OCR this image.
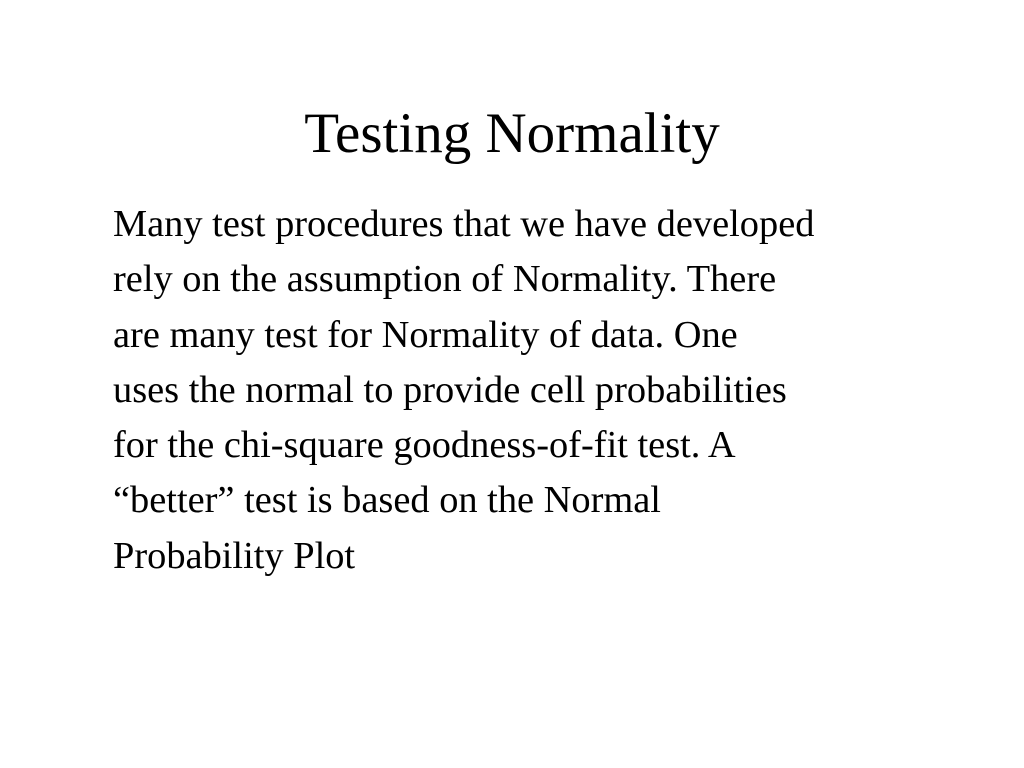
Testing Normality
Many test procedures that we have developed
rely on the assumption of Normality. There
are many test for Normality of data. One
uses the normal to provide cell probabilities
for the chi-square goodness-of-fit test. A
“better” test is based on the Normal
Probability Plot
